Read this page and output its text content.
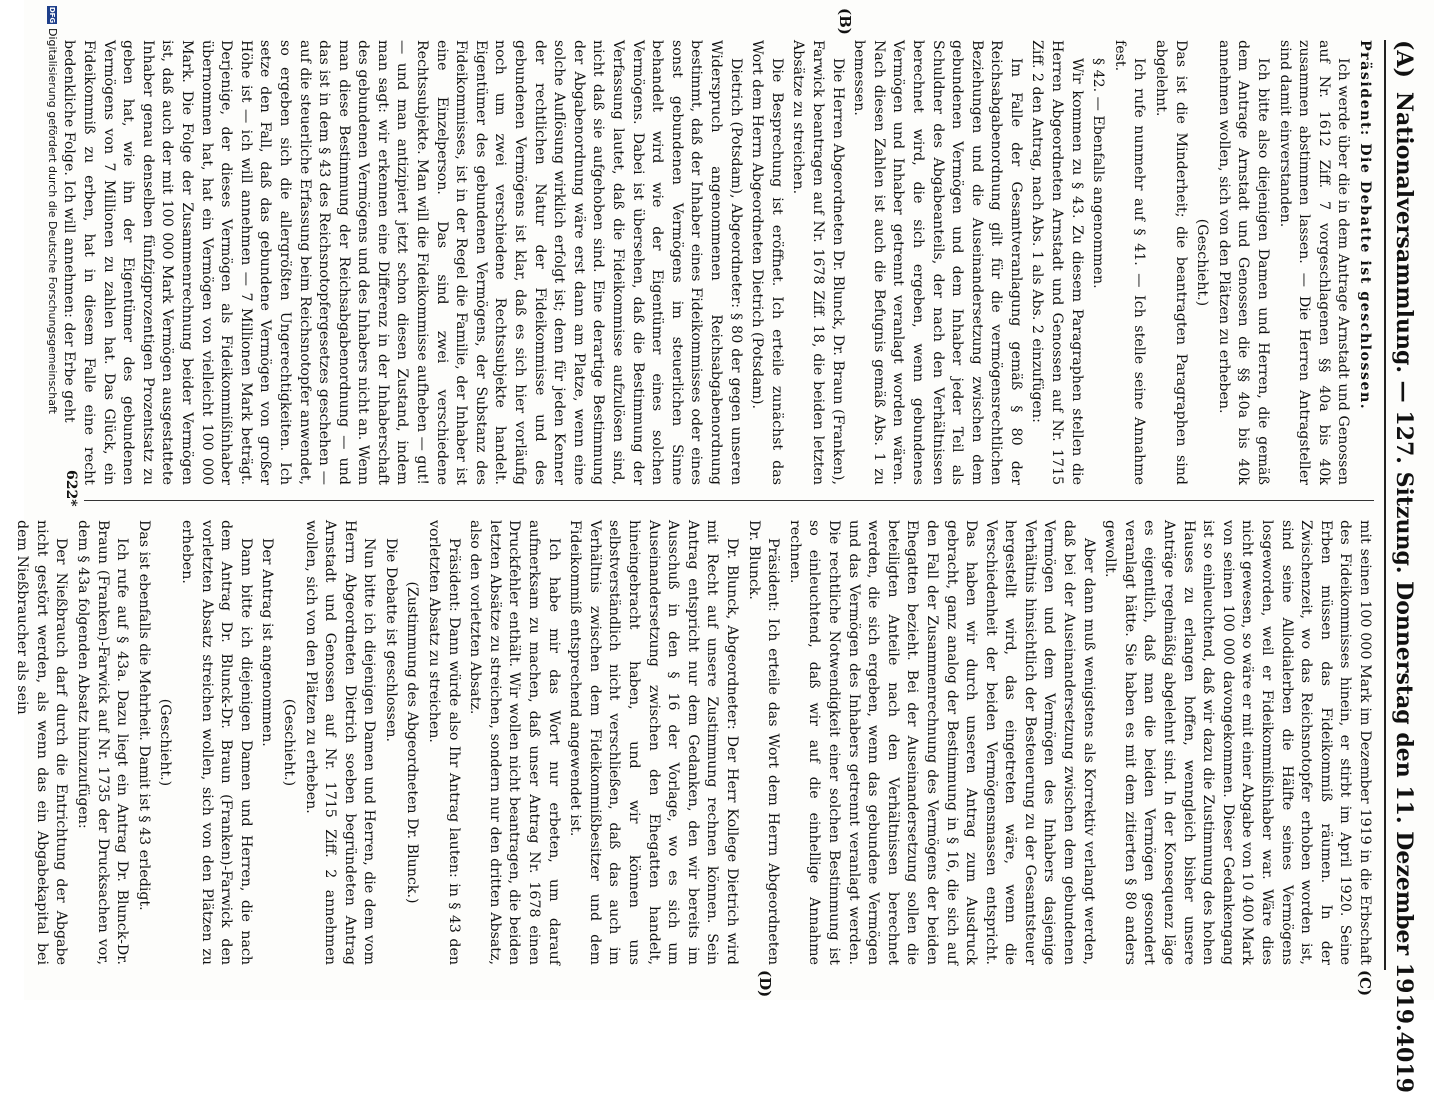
(A)
Nationalversammlung. — 127. Sitzung. Donnerstag den 11. Dezember 1919.
4019
(B)
(C)
(D)

Präsident: Die Debatte ist geschlossen.

Ich werde über die in dem Antrage Arnstadt und Genossen auf Nr. 1612 Ziff. 7 vorgeschlagenen §§ 40a bis 40k zusammen abstimmen lassen. — Die Herren Antragsteller sind damit einverstanden.

Ich bitte also diejenigen Damen und Herren, die gemäß dem Antrage Arnstadt und Genossen die §§ 40a bis 40k annehmen wollen, sich von den Plätzen zu erheben.

(Geschieht.)

Das ist die Minderheit; die beantragten Paragraphen sind abgelehnt.

Ich rufe nunmehr auf § 41. — Ich stelle seine Annahme fest.

§ 42. — Ebenfalls angenommen.

Wir kommen zu § 43. Zu diesem Paragraphen stellen die Herren Abgeordneten Arnstadt und Genossen auf Nr. 1715 Ziff. 2 den Antrag, nach Abs. 1 als Abs. 2 einzufügen:

Im Falle der Gesamtveranlagung gemäß § 80 der Reichsabgabenordnung gilt für die vermögensrechtlichen Beziehungen und die Auseinandersetzung zwischen dem gebundenen Vermögen und dem Inhaber jeder Teil als Schuldner des Abgabeanteils, der nach den Verhältnissen berechnet wird, die sich ergeben, wenn gebundenes Vermögen und Inhaber getrennt veranlagt worden wären. Nach diesen Zahlen ist auch die Befugnis gemäß Abs. 1 zu bemessen.

Die Herren Abgeordneten Dr. Blunck, Dr. Braun (Franken), Farwick beantragen auf Nr. 1678 Ziff. 18, die beiden letzten Absätze zu streichen.

Die Besprechung ist eröffnet. Ich erteile zunächst das Wort dem Herrn Abgeordneten Dietrich (Potsdam).

Dietrich (Potsdam), Abgeordneter: § 80 der gegen unseren Widerspruch angenommenen Reichsabgabenordnung bestimmt, daß der Inhaber eines Fideikommisses oder eines sonst gebundenen Vermögens im steuerlichen Sinne behandelt wird wie der Eigentümer eines solchen Vermögens. Dabei ist übersehen, daß die Bestimmung der Verfassung lautet, daß die Fideikommisse aufzulösen sind, nicht daß sie aufgehoben sind. Eine derartige Bestimmung der Abgabenordnung wäre erst dann am Platze, wenn eine solche Auflösung wirklich erfolgt ist; denn für jeden Kenner der rechtlichen Natur der Fideikommisse und des gebundenen Vermögens ist klar, daß es sich hier vorläufig noch um zwei verschiedene Rechtssubjekte handelt. Eigentümer des gebundenen Vermögens, der Substanz des Fideikommisses, ist in der Regel die Familie, der Inhaber ist eine Einzelperson. Das sind zwei verschiedene Rechtssubjekte. Man will die Fideikommisse aufheben — gut! — und man antizipiert jetzt schon diesen Zustand, indem man sagt: wir erkennen eine Differenz in der Inhaberschaft des gebundenen Vermögens und des Inhabers nicht an. Wenn man diese Bestimmung der Reichsabgabenordnung — und das ist in dem § 43 des Reichsnotopfergesetzes geschehen — auf die steuerliche Erfassung beim Reichsnotopfer anwendet, so ergeben sich die allergrößten Ungerechtigkeiten. Ich setze den Fall, daß das gebundene Vermögen von großer Höhe ist — ich will annehmen — 7 Millionen Mark beträgt. Derjenige, der dieses Vermögen als Fideikommißinhaber übernommen hat, hat ein Vermögen von vielleicht 100 000 Mark. Die Folge der Zusammenrechnung beider Vermögen ist, daß auch der mit 100 000 Mark Vermögen ausgestattete Inhaber genau denselben fünfzigprozentigen Prozentsatz zu geben hat, wie ihn der Eigentümer des gebundenen Vermögens von 7 Millionen zu zahlen hat. Das Glück, ein Fideikommiß zu erben, hat in diesem Falle eine recht bedenkliche Folge. Ich will annehmen: der Erbe geht

mit seinen 100 000 Mark im Dezember 1919 in die Erbschaft des Fideikommisses hinein, er stirbt im April 1920. Seine Erben müssen das Fideikommiß räumen. In der Zwischenzeit, wo das Reichsnotopfer erhoben worden ist, sind seine Allodialerben die Hälfte seines Vermögens losgeworden, weil er Fideikommißinhaber war. Wäre dies nicht gewesen, so wäre er mit einer Abgabe von 10 400 Mark von seinen 100 000 davongekommen. Dieser Gedankengang ist so einleuchtend, daß wir dazu die Zustimmung des hohen Hauses zu erlangen hoffen, wenngleich bisher unsere Anträge regelmäßig abgelehnt sind. In der Konsequenz läge es eigentlich, daß man die beiden Vermögen gesondert veranlagt hätte. Sie haben es mit dem zitierten § 80 anders gewollt.

Aber dann muß wenigstens als Korrektiv verlangt werden, daß bei der Auseinandersetzung zwischen dem gebundenen Vermögen und dem Vermögen des Inhabers dasjenige Verhältnis hinsichtlich der Besteuerung zu der Gesamtsteuer hergestellt wird, das eingetreten wäre, wenn die Verschiedenheit der beiden Vermögensmassen entspricht. Das haben wir durch unseren Antrag zum Ausdruck gebracht, ganz analog der Bestimmung in § 16, die sich auf den Fall der Zusammenrechnung des Vermögens der beiden Ehegatten bezieht. Bei der Auseinandersetzung sollen die beteiligten Anteile nach den Verhältnissen berechnet werden, die sich ergeben, wenn das gebundene Vermögen und das Vermögen des Inhabers getrennt veranlagt werden. Die rechtliche Notwendigkeit einer solchen Bestimmung ist so einleuchtend, daß wir auf die einhellige Annahme rechnen.

Präsident: Ich erteile das Wort dem Herrn Abgeordneten Dr. Blunck.

Dr. Blunck, Abgeordneter: Der Herr Kollege Dietrich wird mit Recht auf unsere Zustimmung rechnen können. Sein Antrag entspricht nur dem Gedanken, den wir bereits im Ausschuß in den § 16 der Vorlage, wo es sich um Auseinandersetzung zwischen den Ehegatten handelt, hineingebracht haben, und wir können uns selbstverständlich nicht verschließen, daß das auch im Verhältnis zwischen dem Fideikommißbesitzer und dem Fideikommiß entsprechend angewendet ist.

Ich habe mir das Wort nur erbeten, um darauf aufmerksam zu machen, daß unser Antrag Nr. 1678 einen Druckfehler enthält. Wir wollen nicht beantragen, die beiden letzten Absätze zu streichen, sondern nur den dritten Absatz, also den vorletzten Absatz.

Präsident: Dann würde also Ihr Antrag lauten: in § 43 den vorletzten Absatz zu streichen.

(Zustimmung des Abgeordneten Dr. Blunck.)

Die Debatte ist geschlossen.

Nun bitte ich diejenigen Damen und Herren, die dem vom Herrn Abgeordneten Dietrich soeben begründeten Antrag Arnstadt und Genossen auf Nr. 1715 Ziff. 2 annehmen wollen, sich von den Plätzen zu erheben.

(Geschieht.)

Der Antrag ist angenommen.

Dann bitte ich diejenigen Damen und Herren, die nach dem Antrag Dr. Blunck-Dr. Braun (Franken)-Farwick den vorletzten Absatz streichen wollen, sich von den Plätzen zu erheben.

(Geschieht.)

Das ist ebenfalls die Mehrheit. Damit ist § 43 erledigt.

Ich rufe auf § 43a. Dazu liegt ein Antrag Dr. Blunck-Dr. Braun (Franken)-Farwick auf Nr. 1735 der Drucksachen vor, dem § 43a folgenden Absatz hinzuzufügen:

Der Nießbrauch darf durch die Entrichtung der Abgabe nicht gestört werden, als wenn das ein Abgabekapital bei dem Nießbraucher als sein

622*
DFG
Digitalisierung gefördert durch die Deutsche Forschungsgemeinschaft
